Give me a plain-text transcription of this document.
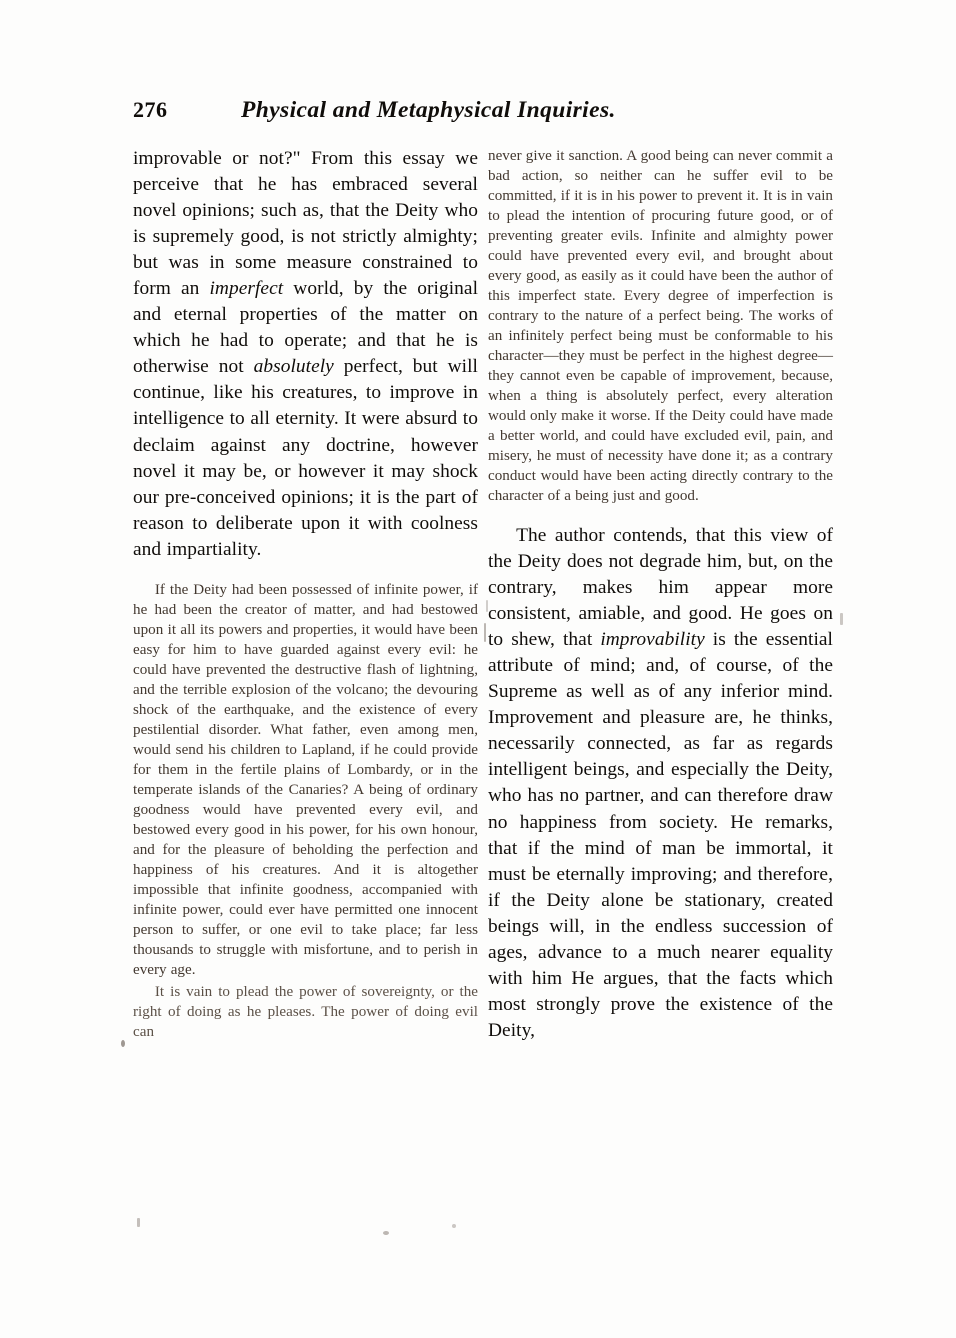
276	Physical and Metaphysical Inquiries.

improvable or not?" From this essay we perceive that he has embraced several novel opinions; such as, that the Deity who is supremely good, is not strictly almighty; but was in some measure constrained to form an imperfect world, by the original and eternal properties of the matter on which he had to operate; and that he is otherwise not absolutely perfect, but will continue, like his creatures, to improve in intelligence to all eternity. It were absurd to declaim against any doctrine, however novel it may be, or however it may shock our pre-conceived opinions; it is the part of reason to deliberate upon it with coolness and impartiality.

If the Deity had been possessed of infinite power, if he had been the creator of matter, and had bestowed upon it all its powers and properties, it would have been easy for him to have guarded against every evil: he could have prevented the destructive flash of lightning, and the terrible explosion of the volcano; the devouring shock of the earthquake, and the existence of every pestilential disorder. What father, even among men, would send his children to Lapland, if he could provide for them in the fertile plains of Lombardy, or in the temperate islands of the Canaries? A being of ordinary goodness would have prevented every evil, and bestowed every good in his power, for his own honour, and for the pleasure of beholding the perfection and happiness of his creatures. And it is altogether impossible that infinite goodness, accompanied with infinite power, could ever have permitted one innocent person to suffer, or one evil to take place; far less thousands to struggle with misfortune, and to perish in every age.

It is vain to plead the power of sovereignty, or the right of doing as he pleases. The power of doing evil can

never give it sanction. A good being can never commit a bad action, so neither can he suffer evil to be committed, if it is in his power to prevent it. It is in vain to plead the intention of procuring future good, or of preventing greater evils. Infinite and almighty power could have prevented every evil, and brought about every good, as easily as it could have been the author of this imperfect state. Every degree of imperfection is contrary to the nature of a perfect being. The works of an infinitely perfect being must be conformable to his character—they must be perfect in the highest degree—they cannot even be capable of improvement, because, when a thing is absolutely perfect, every alteration would only make it worse. If the Deity could have made a better world, and could have excluded evil, pain, and misery, he must of necessity have done it; as a contrary conduct would have been acting directly contrary to the character of a being just and good.

The author contends, that this view of the Deity does not degrade him, but, on the contrary, makes him appear more consistent, amiable, and good. He goes on to shew, that improvability is the essential attribute of mind; and, of course, of the Supreme as well as of any inferior mind. Improvement and pleasure are, he thinks, necessarily connected, as far as regards intelligent beings, and especially the Deity, who has no partner, and can therefore draw no happiness from society. He remarks, that if the mind of man be immortal, it must be eternally improving; and therefore, if the Deity alone be stationary, created beings will, in the endless succession of ages, advance to a much nearer equality with him He argues, that the facts which most strongly prove the existence of the Deity,
